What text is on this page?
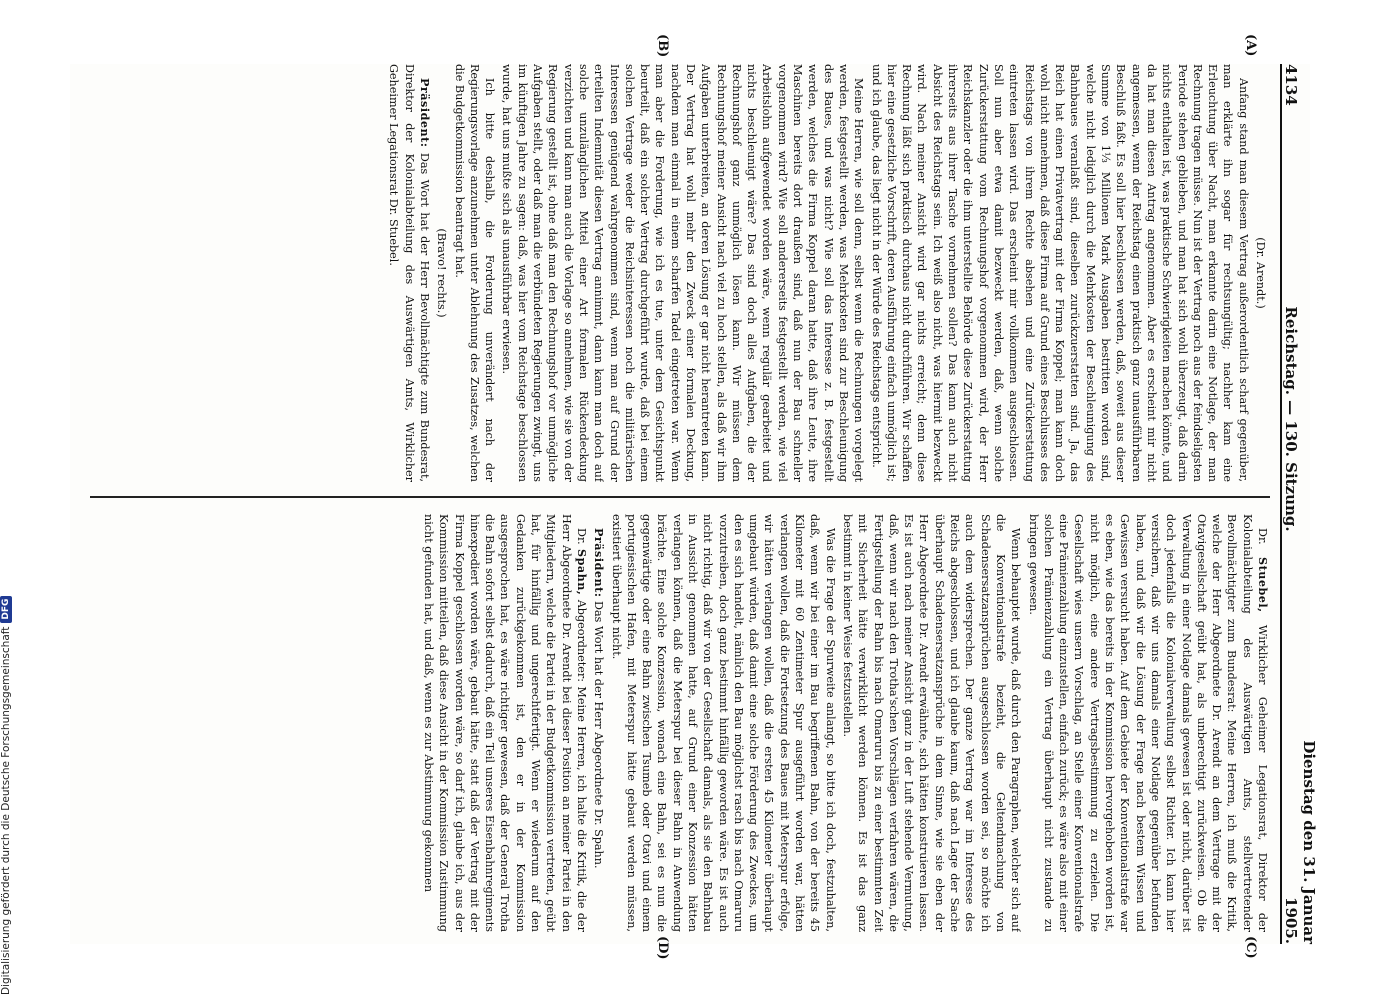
4134
Reichstag. — 130. Sitzung.
Dienstag den 31. Januar 1905.
(A)
(B)
(C)
(D)

(Dr. Arendt.)

Anfang stand man diesem Vertrag außerordentlich scharf gegenüber, man erklärte ihn sogar für rechtsungültig; nachher kam eine Erleuchtung über Nacht, man erkannte darin eine Notlage, der man Rechnung tragen müsse. Nun ist der Vertrag noch aus der feindseligsten Periode stehen geblieben, und man hat sich wohl überzeugt, daß darin nichts enthalten ist, was praktische Schwierigkeiten machen könnte, und da hat man diesen Antrag angenommen. Aber es erscheint mir nicht angemessen, wenn der Reichstag einen praktisch ganz unausführbaren Beschluß faßt. Es soll hier beschlossen werden, daß, soweit aus dieser Summe von 1⅓ Millionen Mark Ausgaben bestritten worden sind, welche nicht lediglich durch die Mehrkosten der Beschleunigung des Bahnbaues veranlaßt sind, dieselben zurückzuerstatten sind. Ja, das Reich hat einen Privatvertrag mit der Firma Koppel; man kann doch wohl nicht annehmen, daß diese Firma auf Grund eines Beschlusses des Reichstags von ihrem Rechte absehen und eine Zurückerstattung eintreten lassen wird. Das erscheint mir vollkommen ausgeschlossen. Soll nun aber etwa damit bezweckt werden, daß, wenn solche Zurückerstattung vom Rechnungshof vorgenommen wird, der Herr Reichskanzler oder die ihm unterstellte Behörde diese Zurückerstattung ihrerseits aus ihrer Tasche vornehmen sollen? Das kann auch nicht Absicht des Reichstags sein. Ich weiß also nicht, was hiermit bezweckt wird. Nach meiner Ansicht wird gar nichts erreicht; denn diese Rechnung läßt sich praktisch durchaus nicht durchführen. Wir schaffen hier eine gesetzliche Vorschrift, deren Ausführung einfach unmöglich ist; und ich glaube, das liegt nicht in der Würde des Reichstags entspricht.

Meine Herren, wie soll denn, selbst wenn die Rechnungen vorgelegt werden, festgestellt werden, was Mehrkosten sind zur Beschleunigung des Baues, und was nicht? Wie soll das Interesse z. B. festgestellt werden, welches die Firma Koppel daran hatte, daß ihre Leute, ihre Maschinen bereits dort draußen sind, daß nun der Bau schneller vorgenommen wird? Wie soll andererseits festgestellt werden, wie viel Arbeitslohn aufgewendet worden wäre, wenn regulär gearbeitet und nichts beschleunigt wäre? Das sind doch alles Aufgaben, die der Rechnungshof ganz unmöglich lösen kann. Wir müssen dem Rechnungshof meiner Ansicht nach viel zu hoch stellen, als daß wir ihm Aufgaben unterbreiten, an deren Lösung er gar nicht herantreten kann. Der Vertrag hat wohl mehr den Zweck einer formalen Deckung, nachdem man einmal in einem scharfen Tadel eingetreten war. Wenn man aber die Forderung, wie ich es tue, unter dem Gesichtspunkt beurteilt, daß ein solcher Vertrag durchgeführt wurde, daß bei einem solchen Vertrage weder die Reichsinteressen noch die militärischen Interessen genügend wahrgenommen sind, wenn man auf Grund der erteilten Indemnität diesen Vertrag annimmt, dann kann man doch auf solche unzulänglichen Mittel einer Art formalen Rückendeckung verzichten und kann man auch die Vorlage so annehmen, wie sie von der Regierung gestellt ist, ohne daß man den Rechnungshof vor unmögliche Aufgaben stellt, oder daß man die verbündeten Regierungen zwingt, uns im künftigen Jahre zu sagen: daß, was hier vom Reichstage beschlossen wurde, hat uns mußte sich als unausführbar erwiesen.

Ich bitte deshalb, die Forderung unverändert nach der Regierungsvorlage anzunehmen unter Ablehnung des Zusatzes, welchen die Budgetkommission beantragt hat.

(Bravo! rechts.)

Präsident: Das Wort hat der Herr Bevollmächtigte zum Bundesrat, Direktor der Kolonialabteilung des Auswärtigen Amts, Wirklicher Geheimer Legationsrat Dr. Stuebel.

Dr. Stuebel, Wirklicher Geheimer Legationsrat, Direktor der Kolonialabteilung des Auswärtigen Amts, stellvertretender Bevollmächtigter zum Bundesrat: Meine Herren, ich muß die Kritik, welche der Herr Abgeordnete Dr. Arendt an dem Vertrage mit der Otavigesellschaft geübt hat, als unberechtigt zurückweisen. Ob die Verwaltung in einer Notlage damals gewesen ist oder nicht, darüber ist doch jedenfalls die Kolonialverwaltung selbst Richter. Ich kann hier versichern, daß wir uns damals einer Notlage gegenüber befunden haben, und daß wir die Lösung der Frage nach bestem Wissen und Gewissen versucht haben. Auf dem Gebiete der Konventionalstrafe war es eben, wie das bereits in der Kommission hervorgehoben worden ist, nicht möglich, eine andere Vertragsbestimmung zu erzielen. Die Gesellschaft wies unsern Vorschlag, an Stelle einer Konventionalstrafe eine Prämienzahlung einzustellen, einfach zurück; es wäre also mit einer solchen Prämienzahlung ein Vertrag überhaupt nicht zustande zu bringen gewesen.

Wenn behauptet wurde, daß durch den Paragraphen, welcher sich auf die Konventionalstrafe bezieht, die Geltendmachung von Schadensersatzansprüchen ausgeschlossen worden sei, so möchte ich auch dem widersprechen. Der ganze Vertrag war im Interesse des Reichs abgeschlossen, und ich glaube kaum, daß nach Lage der Sache überhaupt Schadensersatzansprüche in dem Sinne, wie sie eben der Herr Abgeordnete Dr. Arendt erwähnte, sich hätten konstruieren lassen. Es ist auch nach meiner Ansicht ganz in der Luft stehende Vermutung, daß, wenn wir nach den Trotha'schen Vorschlägen verfahren wären, die Fertigstellung der Bahn bis nach Omaruru bis zu einer bestimmten Zeit mit Sicherheit hätte verwirklicht werden können. Es ist das ganz bestimmt in keiner Weise festzustellen.

Was die Frage der Spurweite anlangt, so bitte ich doch, festzuhalten, daß, wenn wir bei einer im Bau begriffenen Bahn, von der bereits 45 Kilometer mit 60 Zentimeter Spur ausgeführt worden war, hätten verlangen wollen, daß die Fortsetzung des Baues mit Meterspur erfolge, wir hätten verlangen wollen, daß die ersten 45 Kilometer überhaupt umgebaut würden, daß damit eine solche Förderung des Zweckes, um den es sich handelt, nämlich den Bau möglichst rasch bis nach Omaruru vorzutreiben, doch ganz bestimmt hinfällig geworden wäre. Es ist auch nicht richtig, daß wir von der Gesellschaft damals, als sie den Bahnbau in Aussicht genommen hatte, auf Grund einer Konzession hätten verlangen können, daß die Meterspur bei dieser Bahn in Anwendung brächte. Eine solche Konzession, wonach eine Bahn, sei es nun die gegenwärtige oder eine Bahn zwischen Tsumeb oder Otavi und einem portugiesischen Hafen, mit Meterspur hätte gebaut werden müssen, existiert überhaupt nicht.

Präsident: Das Wort hat der Herr Abgeordnete Dr. Spahn.

Dr. Spahn, Abgeordneter: Meine Herren, ich halte die Kritik, die der Herr Abgeordnete Dr. Arendt bei dieser Position an meiner Partei in den Mitgliedern, welche die Partei in der Budgetkommission vertreten, geübt hat, für hinfällig und ungerechtfertigt. Wenn er wiederum auf den Gedanken zurückgekommen ist, den er in der Kommission ausgesprochen hat, es wäre richtiger gewesen, daß der General Trotha die Bahn sofort selbst dadurch, daß ein Teil unseres Eisenbahnregiments hinexpediert worden wäre, gebaut hätte, statt daß der Vertrag mit der Firma Koppel geschlossen worden wäre, so darf ich, glaube ich, aus der Kommission mitteilen, daß diese Ansicht in der Kommission Zustimmung nicht gefunden hat, und daß, wenn es zur Abstimmung gekommen

Digitalisierung gefördert durch die Deutsche Forschungsgemeinschaft
DFG
